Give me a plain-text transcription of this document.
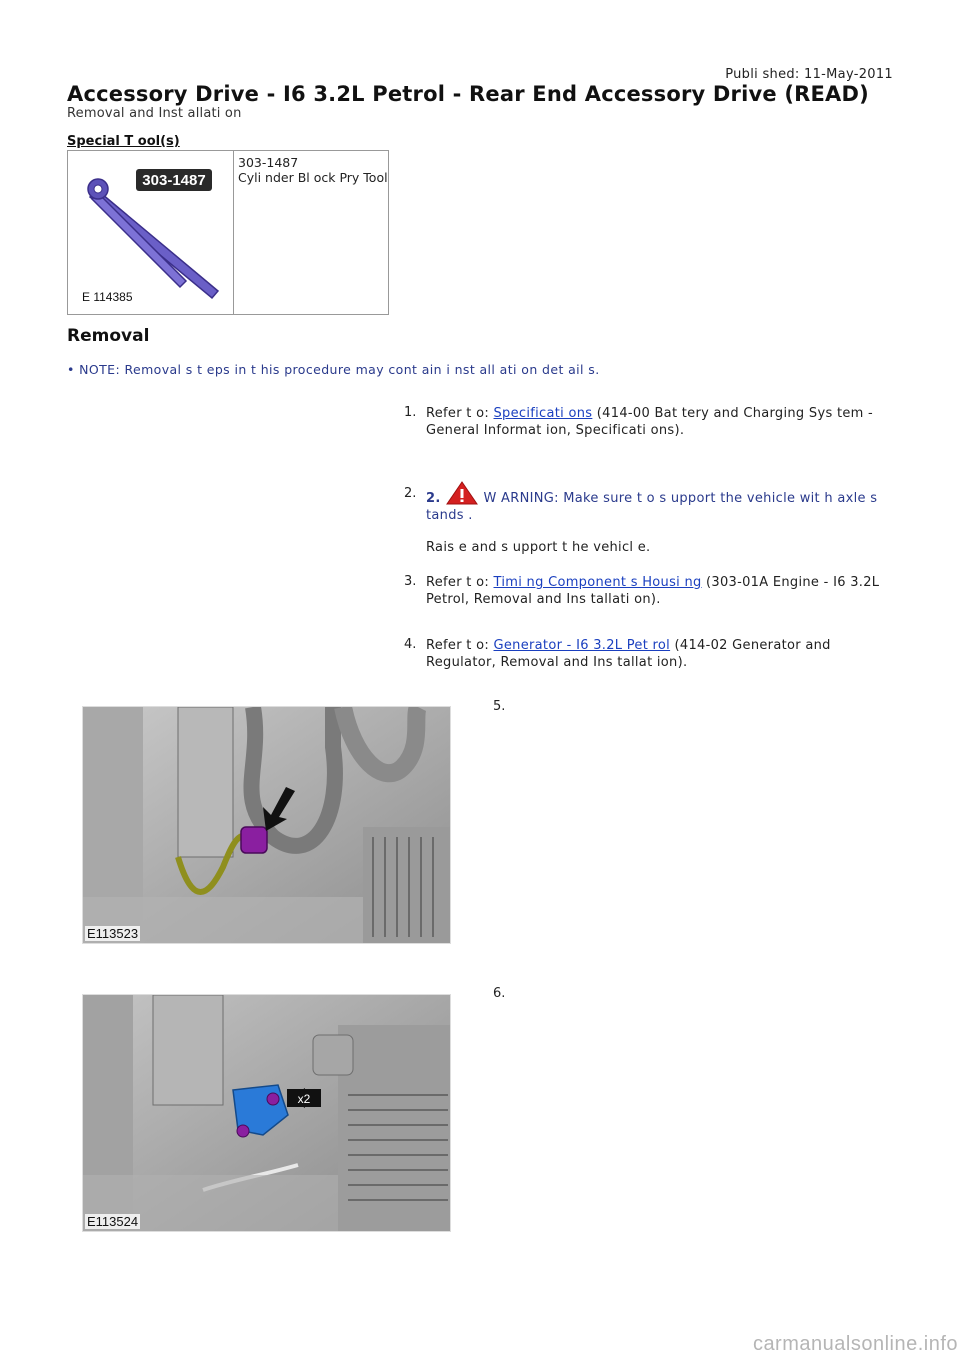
Publi shed: 11-May-2011
Accessory Drive - I6 3.2L Petrol - Rear End Accessory Drive (READ)
Removal and Inst allati on
Special T ool(s)
303-1487
E 114385
303-1487
Cyli nder Bl ock Pry Tool
Removal
• NOTE: Removal s t eps in t his procedure may cont ain i nst all ati on det ail s.
1. Refer t o: Specificati ons (414-00 Bat tery and Charging Sys tem - General Informat ion, Specificati ons).
2. 2.	W ARNING: Make sure t o s upport the vehicle wit h axle s tands .
Rais e and s upport t he vehicl e.
3. Refer t o: Timi ng Component s Housi ng (303-01A Engine - I6 3.2L Petrol, Removal and Ins tallati on).
4. Refer t o: Generator - I6 3.2L Pet rol (414-02 Generator and Regulator, Removal and Ins tallat ion).
E113523
5.
x2
E113524
6.
carmanualsonline.info
